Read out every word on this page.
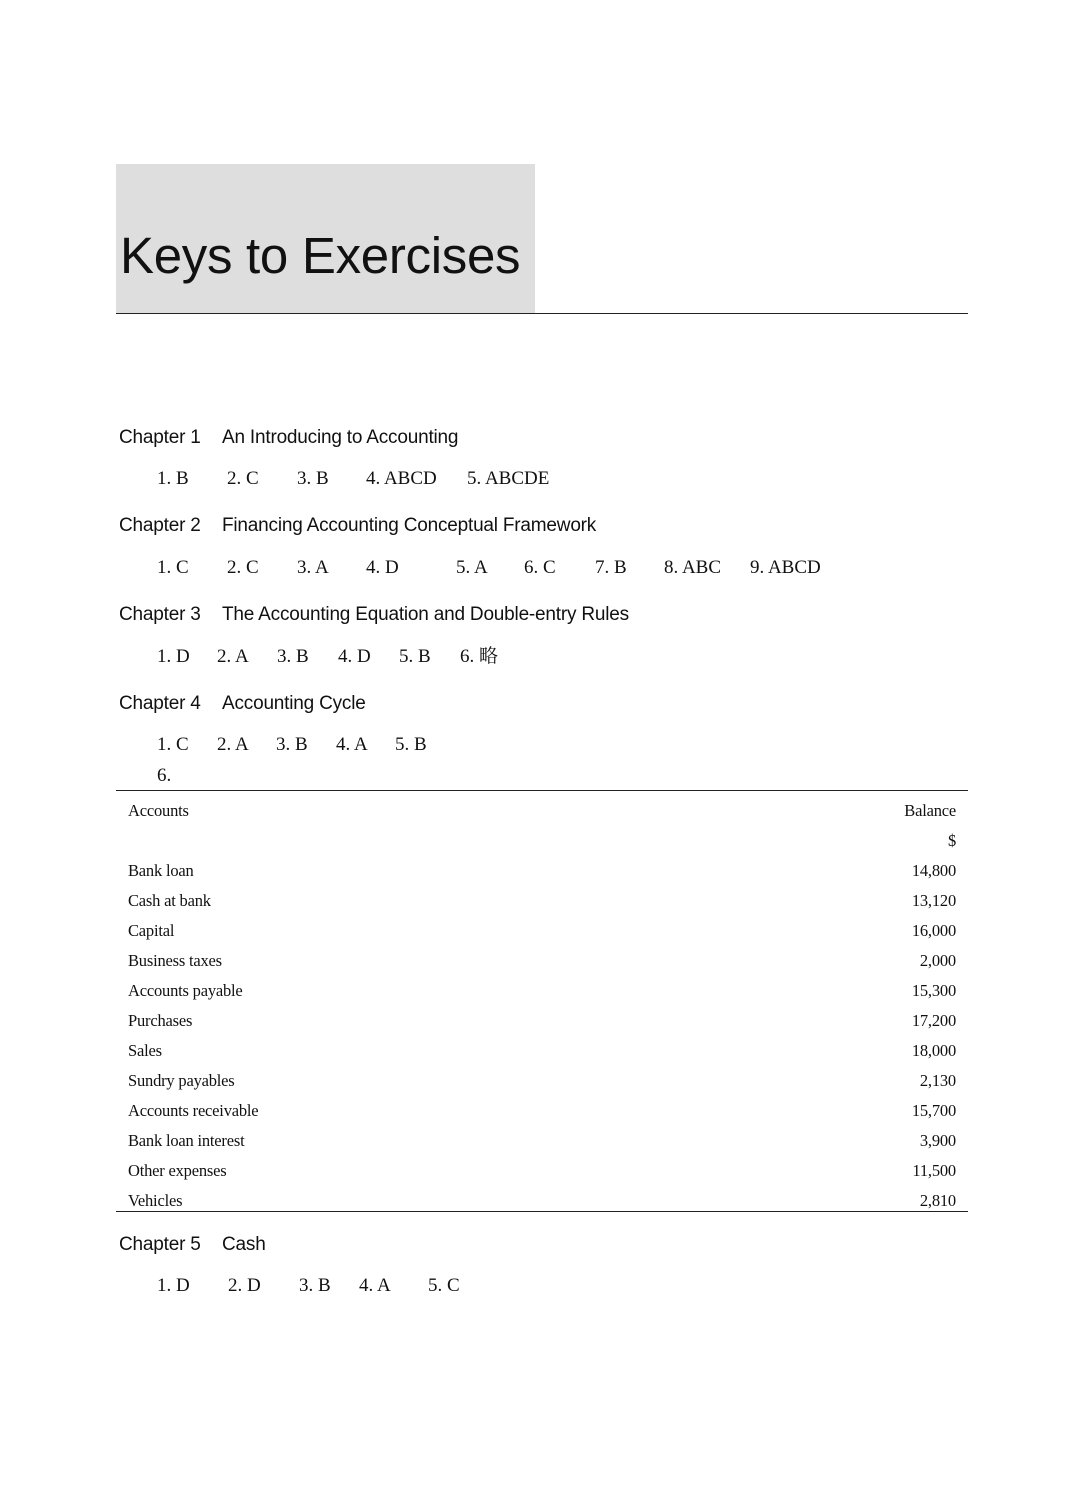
Keys to Exercises
Chapter 1 An Introducing to Accounting
1. B 2. C 3. B 4. ABCD 5. ABCDE
Chapter 2 Financing Accounting Conceptual Framework
1. C 2. C 3. A 4. D	5. A 6. C 7. B 8. ABC 9. ABCD
Chapter 3 The Accounting Equation and Double-entry Rules
1. D 2. A 3. B 4. D 5. B 6. 略
Chapter 4 Accounting Cycle
1. C 2. A 3. B 4. A 5. B
6.
Accounts	Balance
$
Bank loan	14,800
Cash at bank	13,120
Capital	16,000
Business taxes	2,000
Accounts payable	15,300
Purchases	17,200
Sales	18,000
Sundry payables	2,130
Accounts receivable	15,700
Bank loan interest	3,900
Other expenses	11,500
Vehicles	2,810
Chapter 5 Cash
1. D 2. D 3. B 4. A 5. C
